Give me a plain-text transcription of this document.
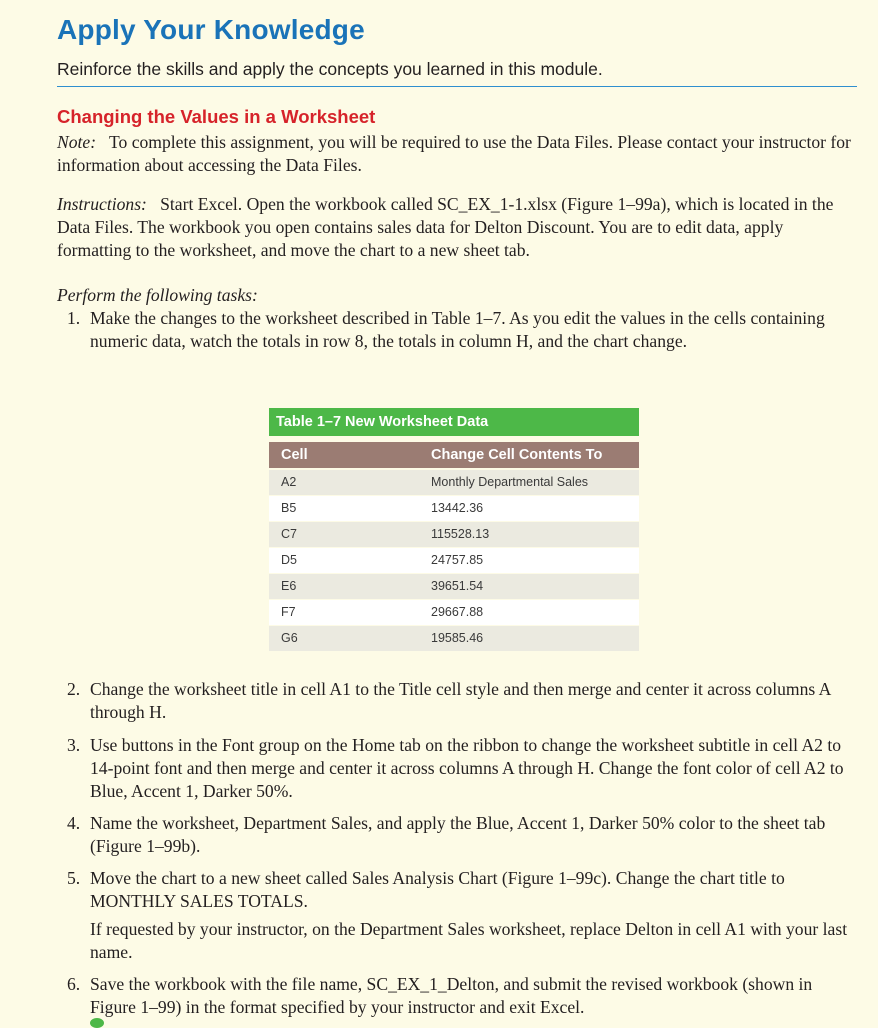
Apply Your Knowledge
Reinforce the skills and apply the concepts you learned in this module.
Changing the Values in a Worksheet
Note: To complete this assignment, you will be required to use the Data Files. Please contact your instructor for information about accessing the Data Files.
Instructions: Start Excel. Open the workbook called SC_EX_1-1.xlsx (Figure 1–99a), which is located in the Data Files. The workbook you open contains sales data for Delton Discount. You are to edit data, apply formatting to the worksheet, and move the chart to a new sheet tab.
Perform the following tasks:
1. Make the changes to the worksheet described in Table 1–7. As you edit the values in the cells containing numeric data, watch the totals in row 8, the totals in column H, and the chart change.
Table 1–7 New Worksheet Data
Cell	Change Cell Contents To
A2	Monthly Departmental Sales
B5	13442.36
C7	115528.13
D5	24757.85
E6	39651.54
F7	29667.88
G6	19585.46
2. Change the worksheet title in cell A1 to the Title cell style and then merge and center it across columns A through H.
3. Use buttons in the Font group on the Home tab on the ribbon to change the worksheet subtitle in cell A2 to 14-point font and then merge and center it across columns A through H. Change the font color of cell A2 to Blue, Accent 1, Darker 50%.
4. Name the worksheet, Department Sales, and apply the Blue, Accent 1, Darker 50% color to the sheet tab (Figure 1–99b).
5. Move the chart to a new sheet called Sales Analysis Chart (Figure 1–99c). Change the chart title to MONTHLY SALES TOTALS.
If requested by your instructor, on the Department Sales worksheet, replace Delton in cell A1 with your last name.
6. Save the workbook with the file name, SC_EX_1_Delton, and submit the revised workbook (shown in Figure 1–99) in the format specified by your instructor and exit Excel.
